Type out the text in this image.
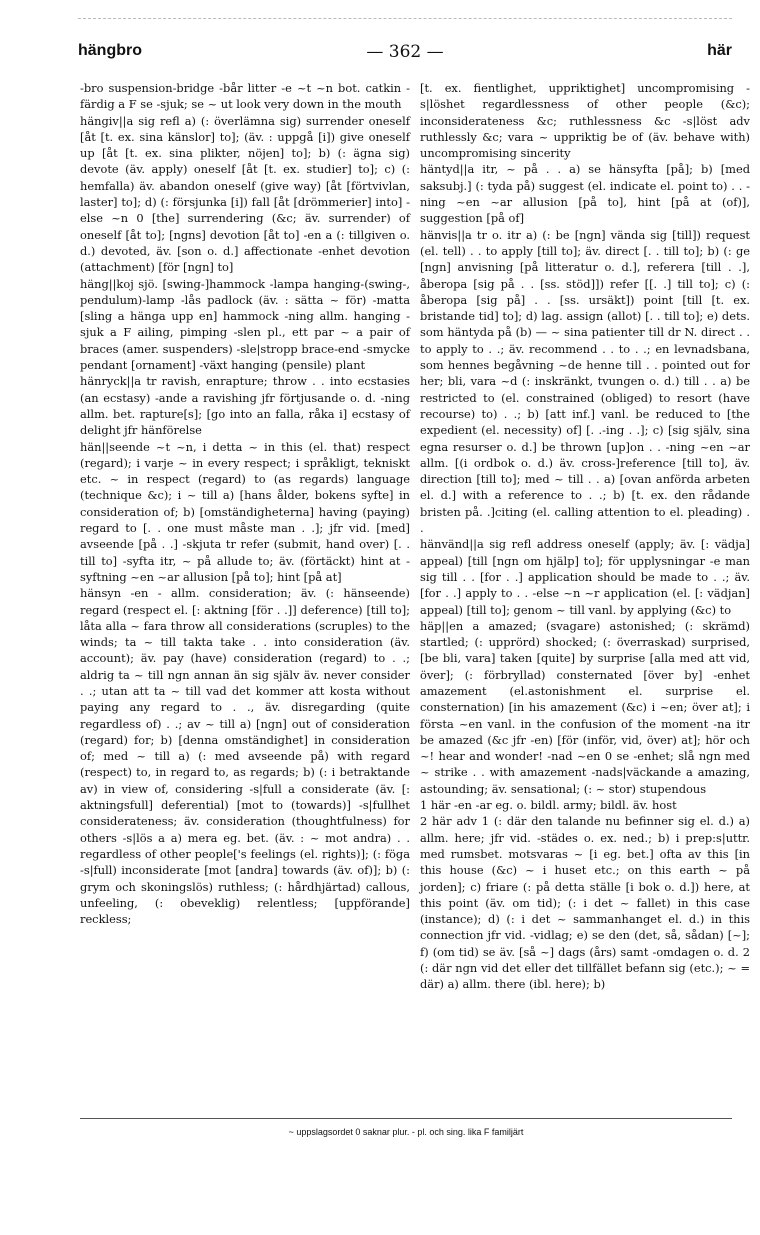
hängbro	— 362 —	här

-bro suspension-bridge -bår litter -e ~t ~n bot. catkin -färdig a F se -sjuk; se ~ ut look very down in the mouth

hängiv||a sig refl a) (: överlämna sig) surrender oneself [åt [t. ex. sina känslor] to]; (äv. : uppgå [i]) give oneself up [åt [t. ex. sina plikter, nöjen] to]; b) (: ägna sig) devote (äv. apply) oneself [åt [t. ex. studier] to]; c) (: hemfalla) äv. abandon oneself (give way) [åt [förtvivlan, laster] to]; d) (: försjunka [i]) fall [åt [drömmerier] into] -else ~n 0 [the] surrendering (&c; äv. surrender) of oneself [åt to]; [ngns] devotion [åt to] -en a (: tillgiven o. d.) devoted, äv. [son o. d.] affectionate -enhet devotion (attachment) [för [ngn] to]

häng||koj sjö. [swing-]hammock -lampa hanging-(swing-, pendulum)-lamp -lås padlock (äv. : sätta ~ för) -matta [sling a hänga upp en] hammock -ning allm. hanging -sjuk a F ailing, pimping -slen pl., ett par ~ a pair of braces (amer. suspenders) -sle|stropp brace-end -smycke pendant [ornament] -växt hanging (pensile) plant

hänryck||a tr ravish, enrapture; throw . . into ecstasies (an ecstasy) -ande a ravishing jfr förtjusande o. d. -ning allm. bet. rapture[s]; [go into an falla, råka i] ecstasy of delight jfr hänförelse

hän||seende ~t ~n, i detta ~ in this (el. that) respect (regard); i varje ~ in every respect; i språkligt, tekniskt etc. ~ in respect (regard) to (as regards) language (technique &c); i ~ till a) [hans ålder, bokens syfte] in consideration of; b) [omständigheterna] having (paying) regard to [. . one must måste man . .]; jfr vid. [med] avseende [på . .] -skjuta tr refer (submit, hand over) [. . till to] -syfta itr, ~ på allude to; äv. (förtäckt) hint at -syftning ~en ~ar allusion [på to]; hint [på at]

hänsyn -en - allm. consideration; äv. (: hänseende) regard (respect el. [: aktning [för . .]] deference) [till to]; låta alla ~ fara throw all considerations (scruples) to the winds; ta ~ till takta take . . into consideration (äv. account); äv. pay (have) consideration (regard) to . .; aldrig ta ~ till ngn annan än sig själv äv. never consider . .; utan att ta ~ till vad det kommer att kosta without paying any regard to . ., äv. disregarding (quite regardless of) . .; av ~ till a) [ngn] out of consideration (regard) for; b) [denna omständighet] in consideration of; med ~ till a) (: med avseende på) with regard (respect) to, in regard to, as regards; b) (: i betraktande av) in view of, considering -s|full a considerate (äv. [: aktningsfull] deferential) [mot to (towards)] -s|fullhet considerateness; äv. consideration (thoughtfulness) for others -s|lös a a) mera eg. bet. (äv. : ~ mot andra) . . regardless of other people['s feelings (el. rights)]; (: föga -s|full) inconsiderate [mot [andra] towards (äv. of)]; b) (: grym och skoningslös) ruthless; (: hårdhjärtad) callous, unfeeling, (: obeveklig) relentless; [uppförande] reckless;

[t. ex. fientlighet, uppriktighet] uncompromising -s|löshet regardlessness of other people (&c); inconsiderateness &c; ruthlessness &c -s|löst adv ruthlessly &c; vara ~ uppriktig be of (äv. behave with) uncompromising sincerity

häntyd||a itr, ~ på . . a) se hänsyfta [på]; b) [med saksubj.] (: tyda på) suggest (el. indicate el. point to) . . -ning ~en ~ar allusion [på to], hint [på at (of)], suggestion [på of]

hänvis||a tr o. itr a) (: be [ngn] vända sig [till]) request (el. tell) . . to apply [till to]; äv. direct [. . till to]; b) (: ge [ngn] anvisning [på litteratur o. d.], referera [till . .], åberopa [sig på . . [ss. stöd]]) refer [[. .] till to]; c) (: åberopa [sig på] . . [ss. ursäkt]) point [till [t. ex. bristande tid] to]; d) lag. assign (allot) [. . till to]; e) dets. som häntyda på (b) — ~ sina patienter till dr N. direct . . to apply to . .; äv. recommend . . to . .; en levnadsbana, som hennes begåvning ~de henne till . . pointed out for her; bli, vara ~d (: inskränkt, tvungen o. d.) till . . a) be restricted to (el. constrained (obliged) to resort (have recourse) to) . .; b) [att inf.] vanl. be reduced to [the expedient (el. necessity) of] [. .-ing . .]; c) [sig själv, sina egna resurser o. d.] be thrown [up]on . . -ning ~en ~ar allm. [(i ordbok o. d.) äv. cross-]reference [till to], äv. direction [till to]; med ~ till . . a) [ovan anförda arbeten el. d.] with a reference to . .; b) [t. ex. den rådande bristen på. .]citing (el. calling attention to el. pleading) . .

hänvänd||a sig refl address oneself (apply; äv. [: vädja] appeal) [till [ngn om hjälp] to]; för upplysningar -e man sig till . . [for . .] application should be made to . .; äv. [for . .] apply to . . -else ~n ~r application (el. [: vädjan] appeal) [till to]; genom ~ till vanl. by applying (&c) to

häp||en a amazed; (svagare) astonished; (: skrämd) startled; (: upprörd) shocked; (: överraskad) surprised, [be bli, vara] taken [quite] by surprise [alla med att vid, över]; (: förbryllad) consternated [över by] -enhet amazement (el.astonishment el. surprise el. consternation) [in his amazement (&c) i ~en; över at]; i första ~en vanl. in the confusion of the moment -na itr be amazed (&c jfr -en) [för (inför, vid, över) at]; hör och ~! hear and wonder! -nad ~en 0 se -enhet; slå ngn med ~ strike . . with amazement -nads|väckande a amazing, astounding; äv. sensational; (: ~ stor) stupendous

1 här -en -ar eg. o. bildl. army; bildl. äv. host

2 här adv 1 (: där den talande nu befinner sig el. d.) a) allm. here; jfr vid. -städes o. ex. ned.; b) i prep:s|uttr. med rumsbet. motsvaras ~ [i eg. bet.] ofta av this [in this house (&c) ~ i huset etc.; on this earth ~ på jorden]; c) friare (: på detta ställe [i bok o. d.]) here, at this point (äv. om tid); (: i det ~ fallet) in this case (instance); d) (: i det ~ sammanhanget el. d.) in this connection jfr vid. -vidlag; e) se den (det, så, sådan) [~]; f) (om tid) se äv. [så ~] dags (års) samt -omdagen o. d. 2 (: där ngn vid det eller det tillfället befann sig (etc.); ~ = där) a) allm. there (ibl. here); b)

~ uppslagsordet 0 saknar plur. - pl. och sing. lika F familjärt
